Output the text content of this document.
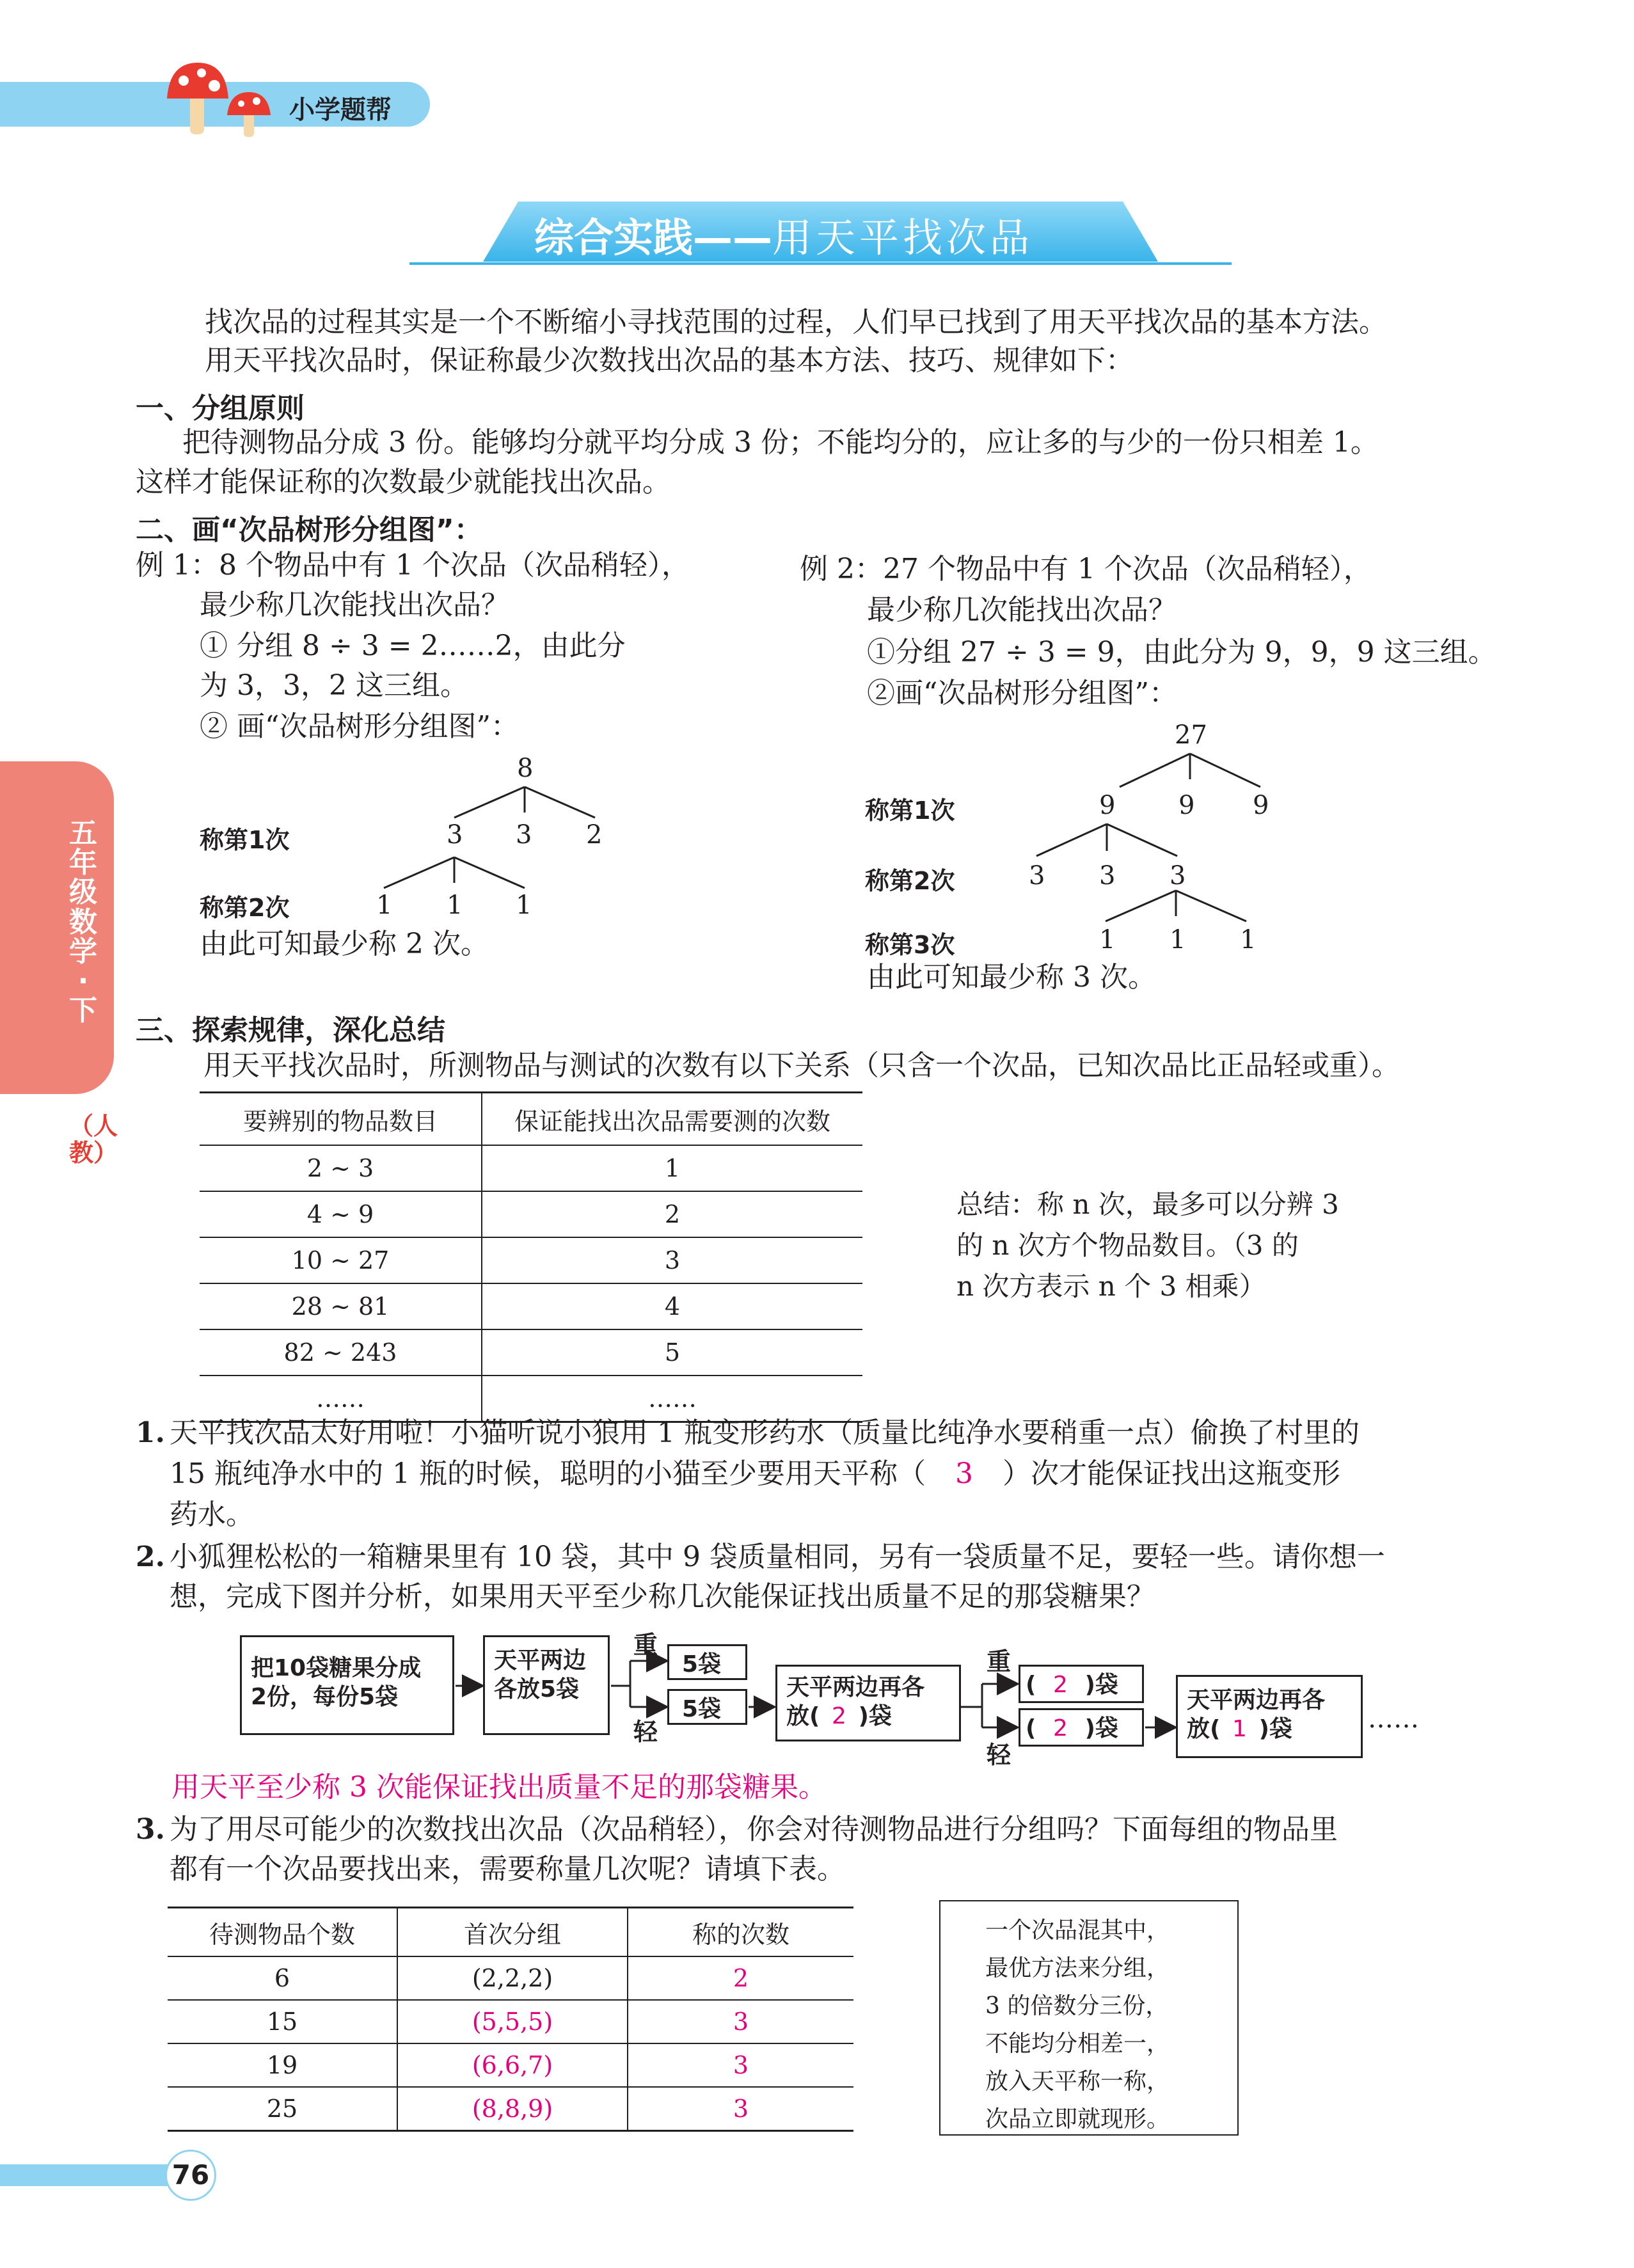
小学题帮
综合实践——用天平找次品
找次品的过程其实是一个不断缩小寻找范围的过程，人们早已找到了用天平找次品的基本方法。
用天平找次品时，保证称最少次数找出次品的基本方法、技巧、规律如下：
一、分组原则
把待测物品分成 3 份。能够均分就平均分成 3 份；不能均分的，应让多的与少的一份只相差 1。
这样才能保证称的次数最少就能找出次品。
二、画“次品树形分组图”：
例 1：8 个物品中有 1 个次品（次品稍轻），
最少称几次能找出次品？
① 分组 8 ÷ 3 = 2……2，由此分
为 3，3，2 这三组。
② 画“次品树形分组图”：
8
称第1次	3 3 2
称第2次	1 1 1
由此可知最少称 2 次。
例 2：27 个物品中有 1 个次品（次品稍轻），
最少称几次能找出次品？
①分组 27 ÷ 3 = 9，由此分为 9，9，9 这三组。
②画“次品树形分组图”：
27
称第1次	9 9 9
称第2次	3 3 3
称第3次	1 1 1
由此可知最少称 3 次。
三、探索规律，深化总结
用天平找次品时，所测物品与测试的次数有以下关系（只含一个次品，已知次品比正品轻或重）。
要辨别的物品数目	保证能找出次品需要测的次数
2 ~ 3	1
4 ~ 9	2
10 ~ 27	3
28 ~ 81	4
82 ~ 243	5
……	……
总结：称 n 次，最多可以分辨 3
的 n 次方个物品数目。（3 的
n 次方表示 n 个 3 相乘）
1. 天平找次品太好用啦！小猫听说小狼用 1 瓶变形药水（质量比纯净水要稍重一点）偷换了村里的
15 瓶纯净水中的 1 瓶的时候，聪明的小猫至少要用天平称（ 3 ）次才能保证找出这瓶变形
药水。
2. 小狐狸松松的一箱糖果里有 10 袋，其中 9 袋质量相同，另有一袋质量不足，要轻一些。请你想一
想，完成下图并分析，如果用天平至少称几次能保证找出质量不足的那袋糖果？
把10袋糖果分成
2份，每份5袋
天平两边
各放5袋
重
轻
5袋
5袋
天平两边再各
放( 2 )袋
重
轻
( 2 )袋
( 2 )袋
天平两边再各
放( 1 )袋	……
用天平至少称 3 次能保证找出质量不足的那袋糖果。
3. 为了用尽可能少的次数找出次品（次品稍轻），你会对待测物品进行分组吗？下面每组的物品里
都有一个次品要找出来，需要称量几次呢？请填下表。
待测物品个数	首次分组	称的次数
6	(2,2,2)	2
15	(5,5,5)	3
19	(6,6,7)	3
25	(8,8,9)	3
一个次品混其中，
最优方法来分组，
3 的倍数分三份，
不能均分相差一，
放入天平称一称，
次品立即就现形。
五年级数学·下
（人教）
76
